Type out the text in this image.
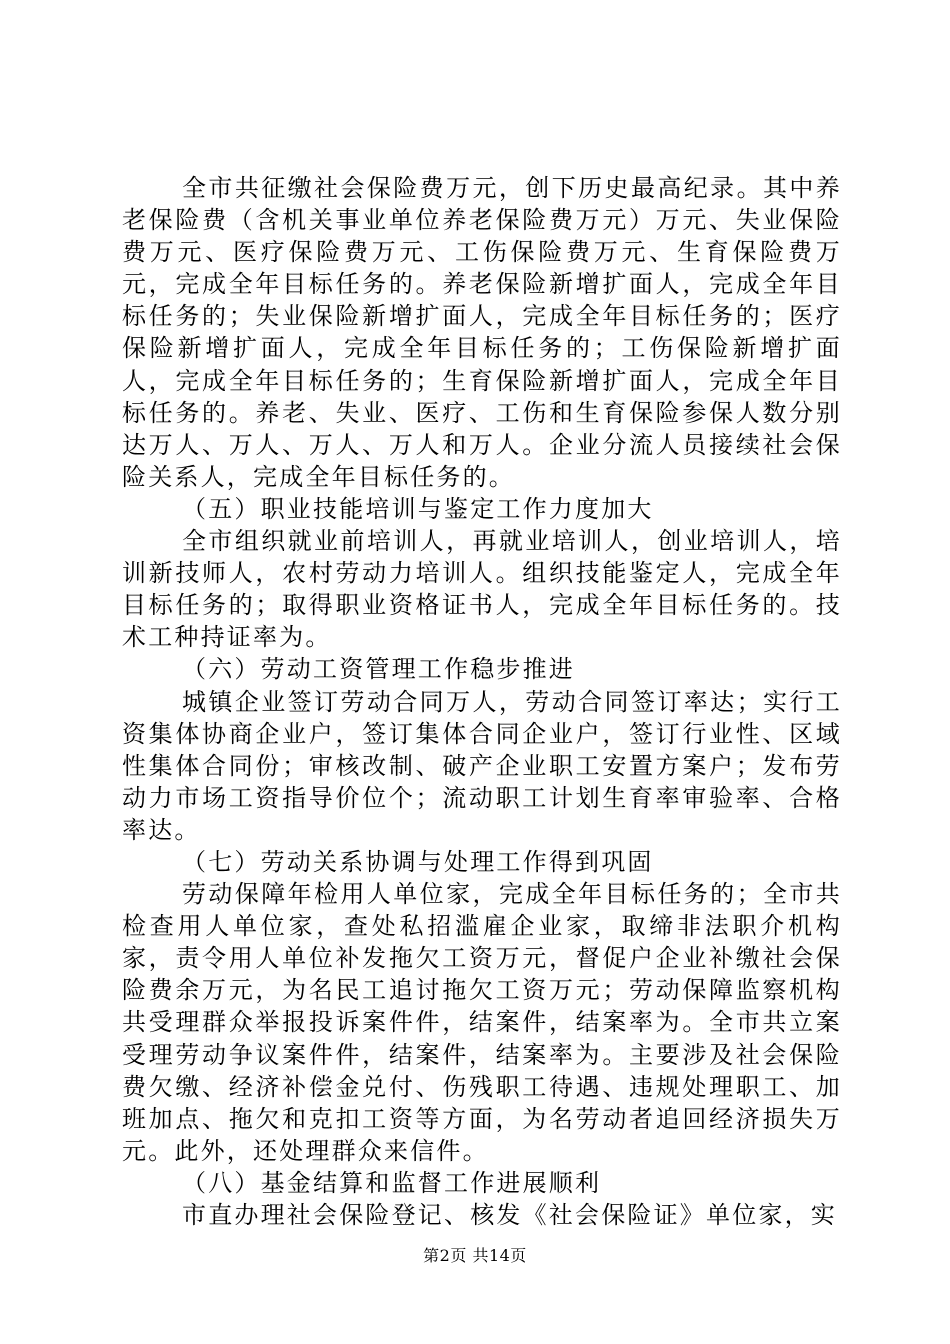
全市共征缴社会保险费万元，创下历史最高纪录。其中养老保险费（含机关事业单位养老保险费万元）万元、失业保险费万元、医疗保险费万元、工伤保险费万元、生育保险费万元，完成全年目标任务的。养老保险新增扩面人，完成全年目标任务的；失业保险新增扩面人，完成全年目标任务的；医疗保险新增扩面人，完成全年目标任务的；工伤保险新增扩面人，完成全年目标任务的；生育保险新增扩面人，完成全年目标任务的。养老、失业、医疗、工伤和生育保险参保人数分别达万人、万人、万人、万人和万人。企业分流人员接续社会保险关系人，完成全年目标任务的。

（五）职业技能培训与鉴定工作力度加大

全市组织就业前培训人，再就业培训人，创业培训人，培训新技师人，农村劳动力培训人。组织技能鉴定人，完成全年目标任务的；取得职业资格证书人，完成全年目标任务的。技术工种持证率为。

（六）劳动工资管理工作稳步推进

城镇企业签订劳动合同万人，劳动合同签订率达；实行工资集体协商企业户，签订集体合同企业户，签订行业性、区域性集体合同份；审核改制、破产企业职工安置方案户；发布劳动力市场工资指导价位个；流动职工计划生育率审验率、合格率达。

（七）劳动关系协调与处理工作得到巩固

劳动保障年检用人单位家，完成全年目标任务的；全市共检查用人单位家，查处私招滥雇企业家，取缔非法职介机构家，责令用人单位补发拖欠工资万元，督促户企业补缴社会保险费余万元，为名民工追讨拖欠工资万元；劳动保障监察机构共受理群众举报投诉案件件，结案件，结案率为。全市共立案受理劳动争议案件件，结案件，结案率为。主要涉及社会保险费欠缴、经济补偿金兑付、伤残职工待遇、违规处理职工、加班加点、拖欠和克扣工资等方面，为名劳动者追回经济损失万元。此外，还处理群众来信件。

（八）基金结算和监督工作进展顺利

市直办理社会保险登记、核发《社会保险证》单位家，实

第2页 共14页
